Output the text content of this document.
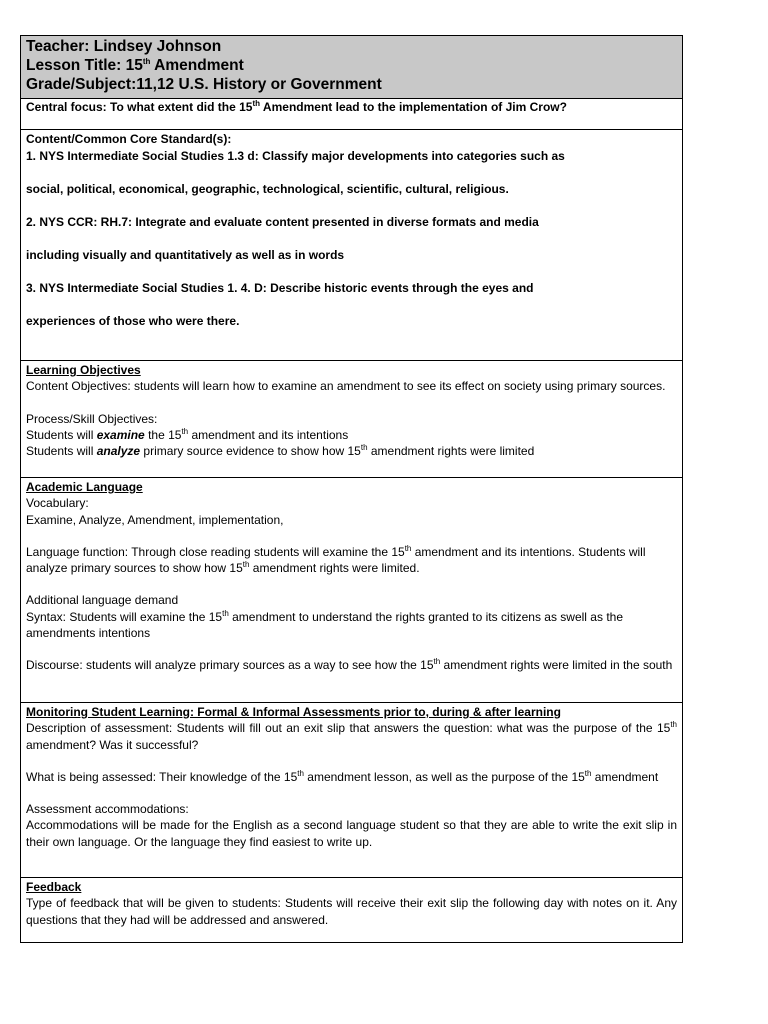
Teacher: Lindsey Johnson
Lesson Title: 15th Amendment
Grade/Subject:11,12 U.S. History or Government

Central focus: To what extent did the 15th Amendment lead to the implementation of Jim Crow?

Content/Common Core Standard(s):
1. NYS Intermediate Social Studies 1.3 d: Classify major developments into categories such as
social, political, economical, geographic, technological, scientific, cultural, religious.
2. NYS CCR: RH.7: Integrate and evaluate content presented in diverse formats and media
including visually and quantitatively as well as in words
3. NYS Intermediate Social Studies 1. 4. D: Describe historic events through the eyes and
experiences of those who were there.

Learning Objectives
Content Objectives: students will learn how to examine an amendment to see its effect on society using primary sources.
Process/Skill Objectives:
Students will examine the 15th amendment and its intentions
Students will analyze primary source evidence to show how 15th amendment rights were limited

Academic Language
Vocabulary:
Examine, Analyze, Amendment, implementation,
Language function: Through close reading students will examine the 15th amendment and its intentions. Students will analyze primary sources to show how 15th amendment rights were limited.
Additional language demand
Syntax: Students will examine the 15th amendment to understand the rights granted to its citizens as swell as the amendments intentions
Discourse: students will analyze primary sources as a way to see how the 15th amendment rights were limited in the south

Monitoring Student Learning: Formal & Informal Assessments prior to, during & after learning
Description of assessment: Students will fill out an exit slip that answers the question: what was the purpose of the 15th amendment? Was it successful?
What is being assessed: Their knowledge of the 15th amendment lesson, as well as the purpose of the 15th amendment
Assessment accommodations:
Accommodations will be made for the English as a second language student so that they are able to write the exit slip in their own language. Or the language they find easiest to write up.

Feedback
Type of feedback that will be given to students: Students will receive their exit slip the following day with notes on it. Any questions that they had will be addressed and answered.
